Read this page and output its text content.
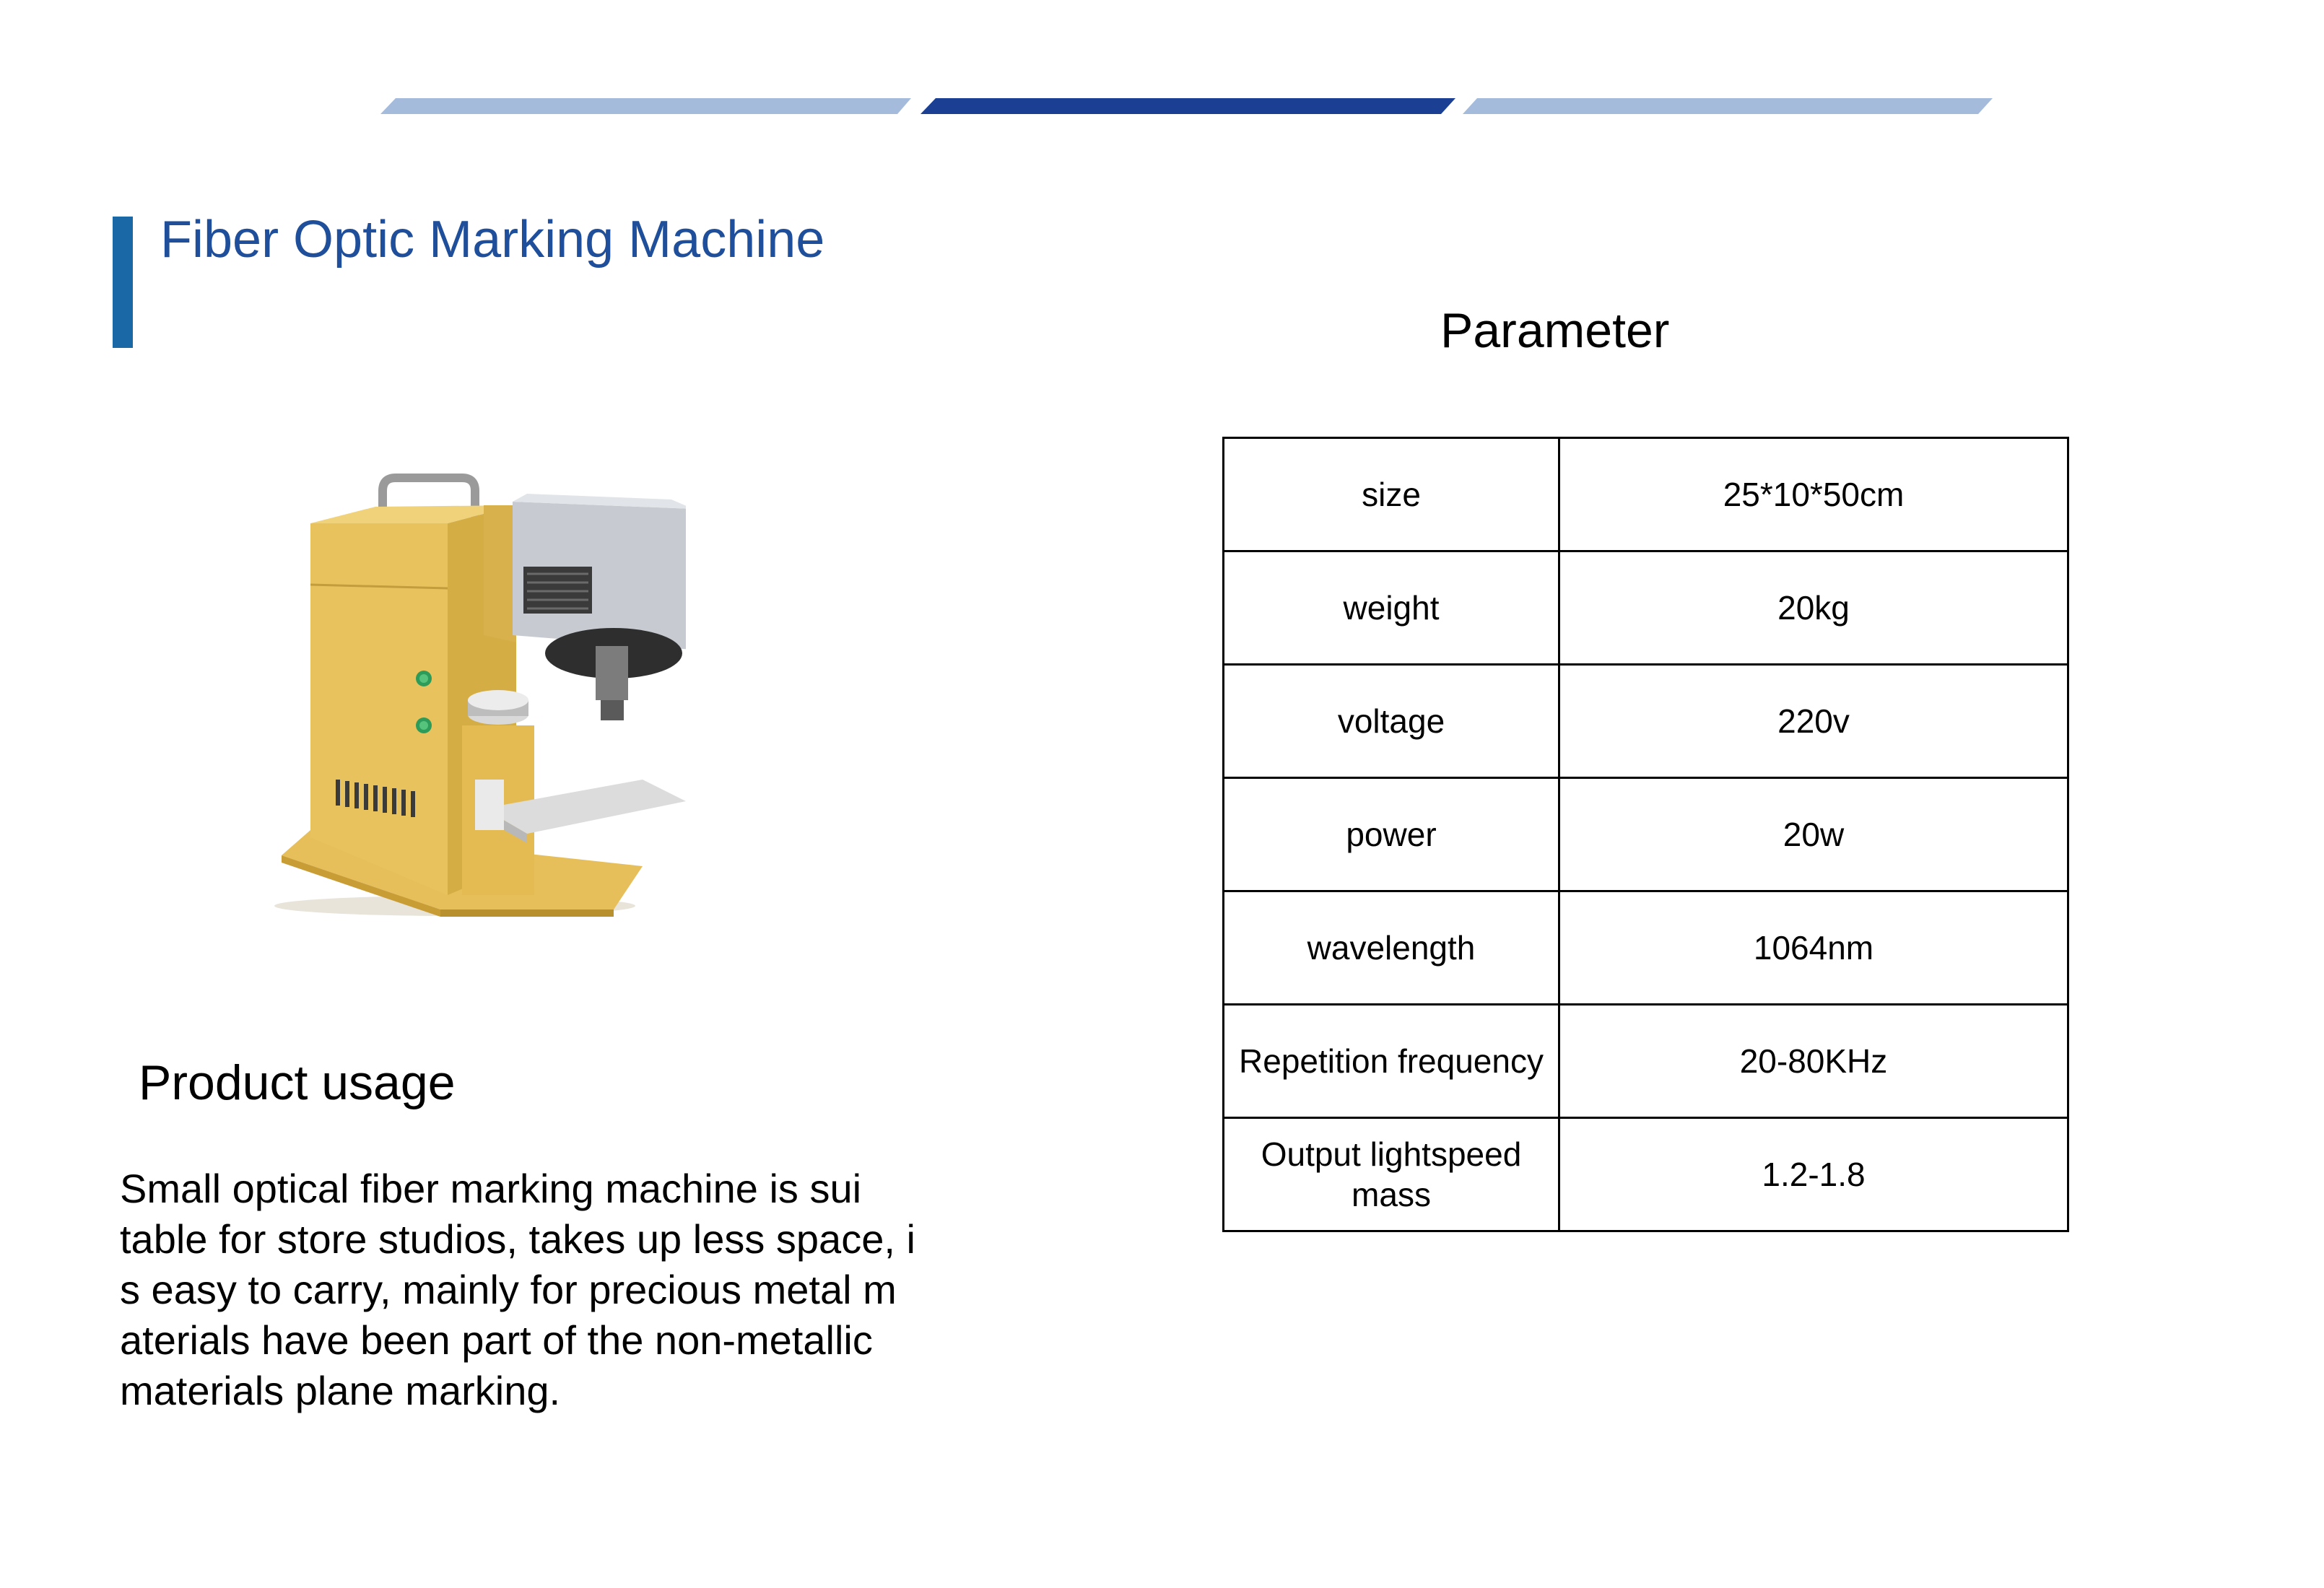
Fiber Optic Marking Machine
Product usage
Small optical fiber marking machine is sui
table for store studios, takes up less space, i
s easy to carry, mainly for precious metal m
aterials have been part of the non-metallic
materials plane marking.
Parameter
size	25*10*50cm
weight	20kg
voltage	220v
power	20w
wavelength	1064nm
Repetition frequency	20-80KHz
Output lightspeed mass	1.2-1.8
